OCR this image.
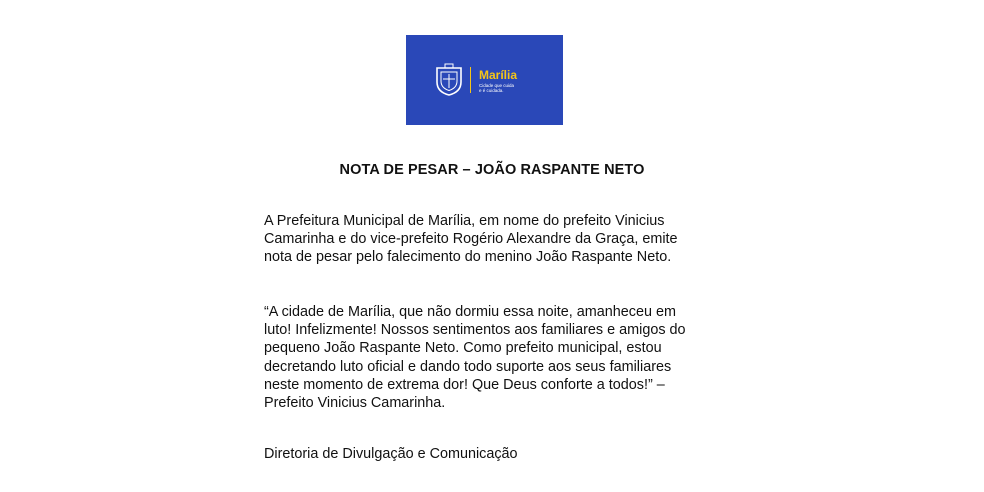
Marília
Cidade que cuida
e é cuidada.
NOTA DE PESAR – JOÃO RASPANTE NETO

A Prefeitura Municipal de Marília, em nome do prefeito Vinicius
Camarinha e do vice-prefeito Rogério Alexandre da Graça, emite
nota de pesar pelo falecimento do menino João Raspante Neto.

“A cidade de Marília, que não dormiu essa noite, amanheceu em
luto! Infelizmente! Nossos sentimentos aos familiares e amigos do
pequeno João Raspante Neto. Como prefeito municipal, estou
decretando luto oficial e dando todo suporte aos seus familiares
neste momento de extrema dor! Que Deus conforte a todos!” –
Prefeito Vinicius Camarinha.

Diretoria de Divulgação e Comunicação
